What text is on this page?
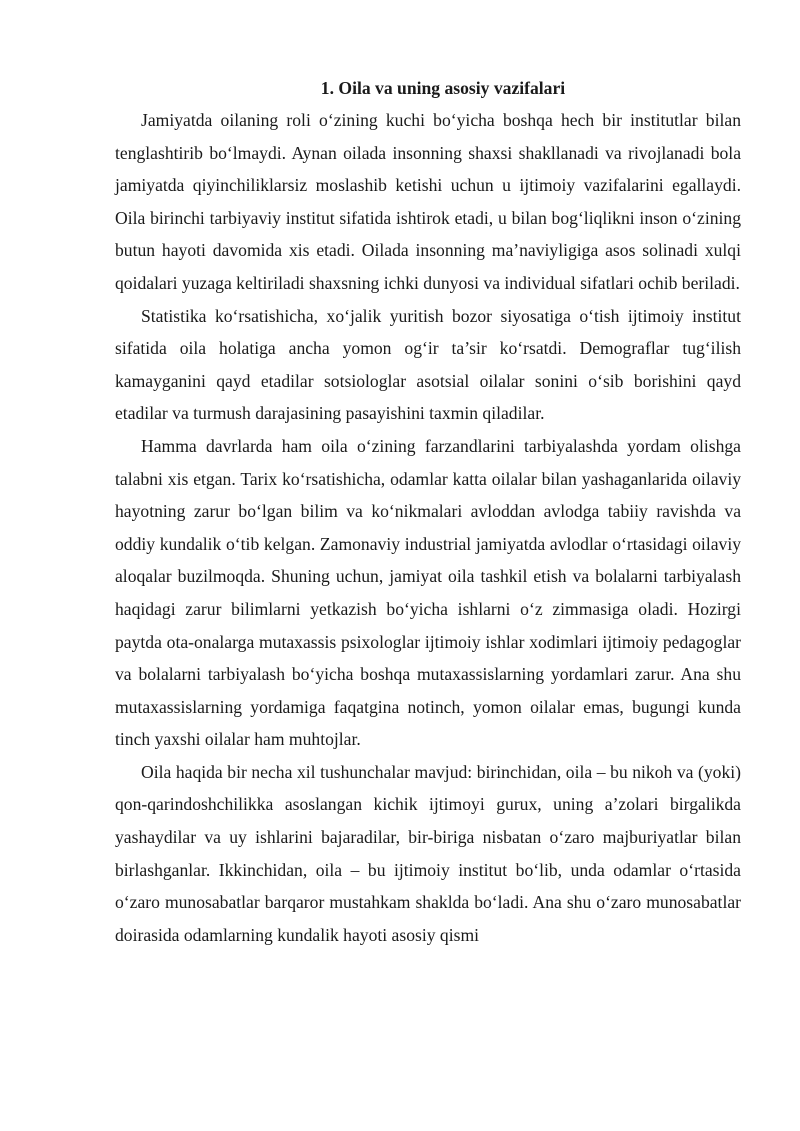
1. Oila va uning asosiy vazifalari

Jamiyatda oilaning roli o‘zining kuchi bo‘yicha boshqa hech bir institutlar bilan tenglashtirib bo‘lmaydi. Aynan oilada insonning shaxsi shakllanadi va rivojlanadi bola jamiyatda qiyinchiliklarsiz moslashib ketishi uchun u ijtimoiy vazifalarini egallaydi. Oila birinchi tarbiyaviy institut sifatida ishtirok etadi, u bilan bog‘liqlikni inson o‘zining butun hayoti davomida xis etadi. Oilada insonning ma’naviyligiga asos solinadi xulqi qoidalari yuzaga keltiriladi shaxsning ichki dunyosi va individual sifatlari ochib beriladi.

Statistika ko‘rsatishicha, xo‘jalik yuritish bozor siyosatiga o‘tish ijtimoiy institut sifatida oila holatiga ancha yomon og‘ir ta’sir ko‘rsatdi. Demograflar tug‘ilish kamayganini qayd etadilar sotsiologlar asotsial oilalar sonini o‘sib borishini qayd etadilar va turmush darajasining pasayishini taxmin qiladilar.

Hamma davrlarda ham oila o‘zining farzandlarini tarbiyalashda yordam olishga talabni xis etgan. Tarix ko‘rsatishicha, odamlar katta oilalar bilan yashaganlarida oilaviy hayotning zarur bo‘lgan bilim va ko‘nikmalari avloddan avlodga tabiiy ravishda va oddiy kundalik o‘tib kelgan. Zamonaviy industrial jamiyatda avlodlar o‘rtasidagi oilaviy aloqalar buzilmoqda. Shuning uchun, jamiyat oila tashkil etish va bolalarni tarbiyalash haqidagi zarur bilimlarni yetkazish bo‘yicha ishlarni o‘z zimmasiga oladi. Hozirgi paytda ota-onalarga mutaxassis psixologlar ijtimoiy ishlar xodimlari ijtimoiy pedagoglar va bolalarni tarbiyalash bo‘yicha boshqa mutaxassislarning yordamlari zarur. Ana shu mutaxassislarning yordamiga faqatgina notinch, yomon oilalar emas, bugungi kunda tinch yaxshi oilalar ham muhtojlar.

Oila haqida bir necha xil tushunchalar mavjud: birinchidan, oila – bu nikoh va (yoki) qon-qarindoshchilikka asoslangan kichik ijtimoyi gurux, uning a’zolari birgalikda yashaydilar va uy ishlarini bajaradilar, bir-biriga nisbatan o‘zaro majburiyatlar bilan birlashganlar. Ikkinchidan, oila – bu ijtimoiy institut bo‘lib, unda odamlar o‘rtasida o‘zaro munosabatlar barqaror mustahkam shaklda bo‘ladi. Ana shu o‘zaro munosabatlar doirasida odamlarning kundalik hayoti asosiy qismi
